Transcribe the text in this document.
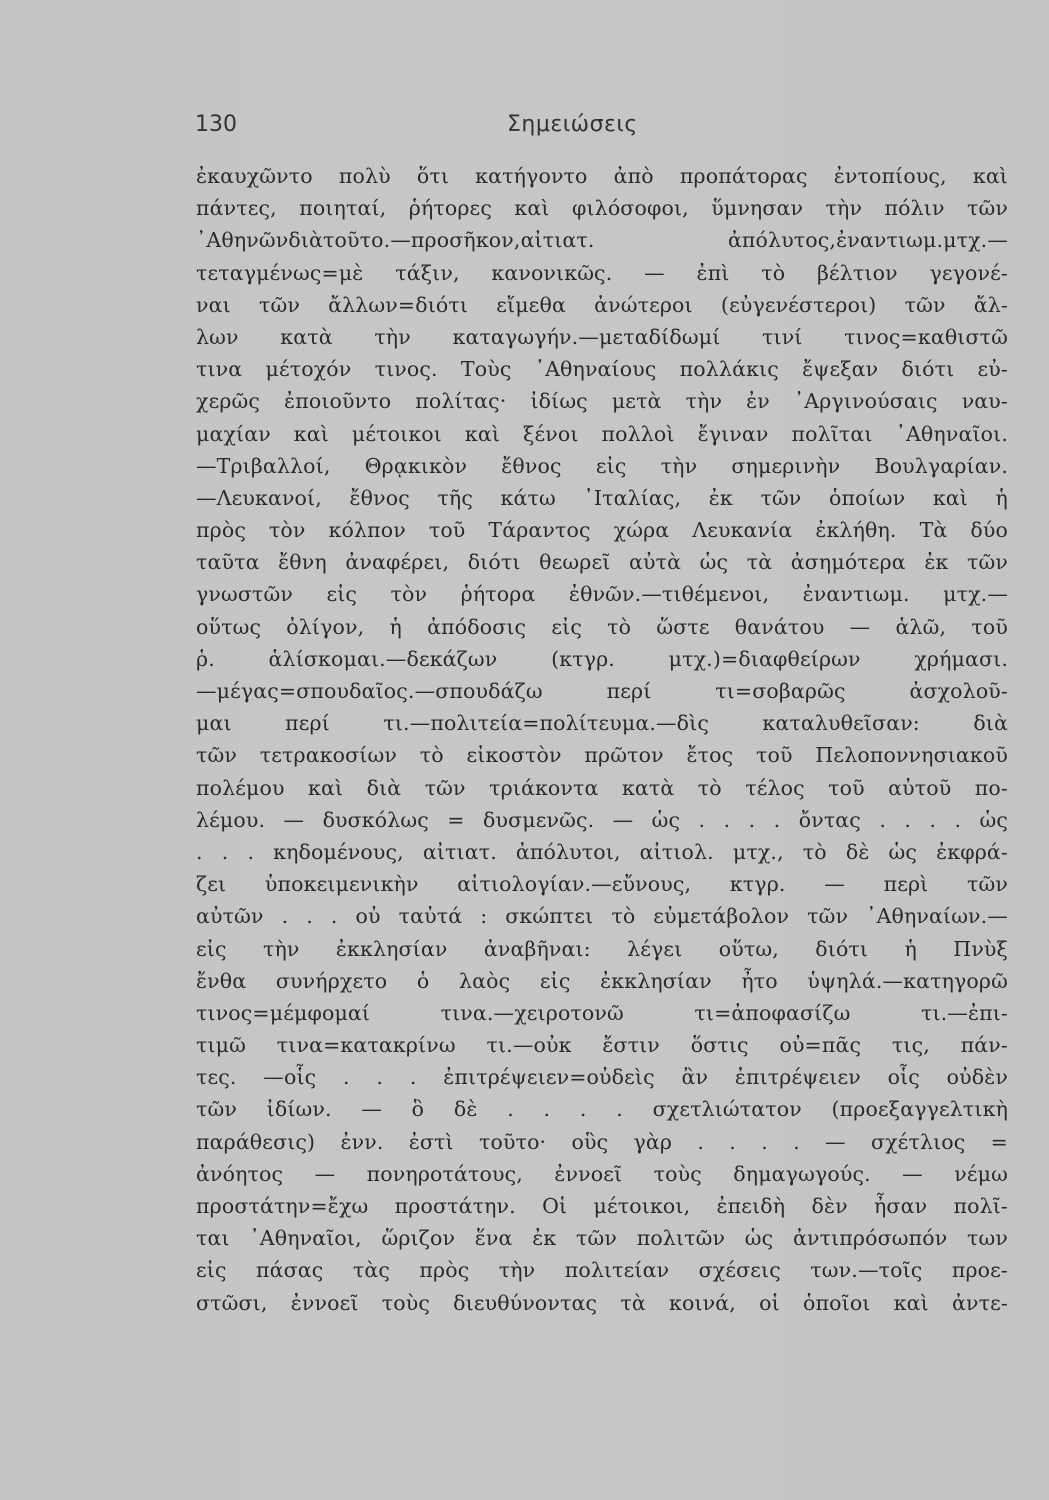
130	Σημειώσεις
ἐκαυχῶντο πολὺ ὅτι κατήγοντο ἀπὸ προπάτορας ἐντοπίους, καὶ
πάντες, ποιηταί, ῥήτορες καὶ φιλόσοφοι, ὕμνησαν τὴν πόλιν τῶν
᾿Αθηνῶνδιὰτοῦτο.—προσῆκον,αἰτιατ. ἀπόλυτος,ἐναντιωμ.μτχ.—
τεταγμένως=μὲ τάξιν, κανονικῶς. — ἐπὶ τὸ βέλτιον γεγονέ-
ναι τῶν ἄλλων=διότι εἴμεθα ἀνώτεροι (εὐγενέστεροι) τῶν ἄλ-
λων κατὰ τὴν καταγωγήν.—μεταδίδωμί τινί τινος=καθιστῶ
τινα μέτοχόν τινος. Τοὺς ᾿Αθηναίους πολλάκις ἔψεξαν διότι εὐ-
χερῶς ἐποιοῦντο πολίτας· ἰδίως μετὰ τὴν ἐν ᾿Αργινούσαις ναυ-
μαχίαν καὶ μέτοικοι καὶ ξένοι πολλοὶ ἔγιναν πολῖται ᾿Αθηναῖοι.
—Τριβαλλοί, Θρᾳκικὸν ἔθνος εἰς τὴν σημερινὴν Βουλγαρίαν.
—Λευκανοί, ἔθνος τῆς κάτω ᾿Ιταλίας, ἐκ τῶν ὁποίων καὶ ἡ
πρὸς τὸν κόλπον τοῦ Τάραντος χώρα Λευκανία ἐκλήθη. Τὰ δύο
ταῦτα ἔθνη ἀναφέρει, διότι θεωρεῖ αὐτὰ ὡς τὰ ἀσημότερα ἐκ τῶν
γνωστῶν εἰς τὸν ῥήτορα ἐθνῶν.—τιθέμενοι, ἐναντιωμ. μτχ.—
οὕτως ὀλίγον, ἡ ἀπόδοσις εἰς τὸ ὥστε θανάτου — ἁλῶ, τοῦ
ῥ. ἁλίσκομαι.—δεκάζων (κτγρ. μτχ.)=διαφθείρων χρήμασι.
—μέγας=σπουδαῖος.—σπουδάζω περί τι=σοβαρῶς ἀσχολοῦ-
μαι περί τι.—πολιτεία=πολίτευμα.—δὶς καταλυθεῖσαν: διὰ
τῶν τετρακοσίων τὸ εἰκοστὸν πρῶτον ἔτος τοῦ Πελοποννησιακοῦ
πολέμου καὶ διὰ τῶν τριάκοντα κατὰ τὸ τέλος τοῦ αὐτοῦ πο-
λέμου. — δυσκόλως = δυσμενῶς. — ὡς . . . . ὄντας . . . . ὡς
. . . κηδομένους, αἰτιατ. ἀπόλυτοι, αἰτιολ. μτχ., τὸ δὲ ὡς ἐκφρά-
ζει ὑποκειμενικὴν αἰτιολογίαν.—εὔνους, κτγρ. — περὶ τῶν
αὐτῶν . . . οὐ ταὐτά : σκώπτει τὸ εὐμετάβολον τῶν ᾿Αθηναίων.—
εἰς τὴν ἐκκλησίαν ἀναβῆναι: λέγει οὕτω, διότι ἡ Πνὺξ
ἔνθα συνήρχετο ὁ λαὸς εἰς ἐκκλησίαν ἦτο ὑψηλά.—κατηγορῶ
τινος=μέμφομαί τινα.—χειροτονῶ τι=ἀποφασίζω τι.—ἐπι-
τιμῶ τινα=κατακρίνω τι.—οὐκ ἔστιν ὅστις οὐ=πᾶς τις, πάν-
τες. —οἷς . . . ἐπιτρέψειεν=οὐδεὶς ἂν ἐπιτρέψειεν οἷς οὐδὲν
τῶν ἰδίων. — ὃ δὲ . . . . σχετλιώτατον (προεξαγγελτικὴ
παράθεσις) ἐνν. ἐστὶ τοῦτο· οὓς γὰρ . . . . — σχέτλιος =
ἀνόητος — πονηροτάτους, ἐννοεῖ τοὺς δημαγωγούς. — νέμω
προστάτην=ἔχω προστάτην. Οἱ μέτοικοι, ἐπειδὴ δὲν ἦσαν πολῖ-
ται ᾿Αθηναῖοι, ὥριζον ἕνα ἐκ τῶν πολιτῶν ὡς ἀντιπρόσωπόν των
εἰς πάσας τὰς πρὸς τὴν πολιτείαν σχέσεις των.—τοῖς προε-
στῶσι, ἐννοεῖ τοὺς διευθύνοντας τὰ κοινά, οἱ ὁποῖοι καὶ ἀντε-
